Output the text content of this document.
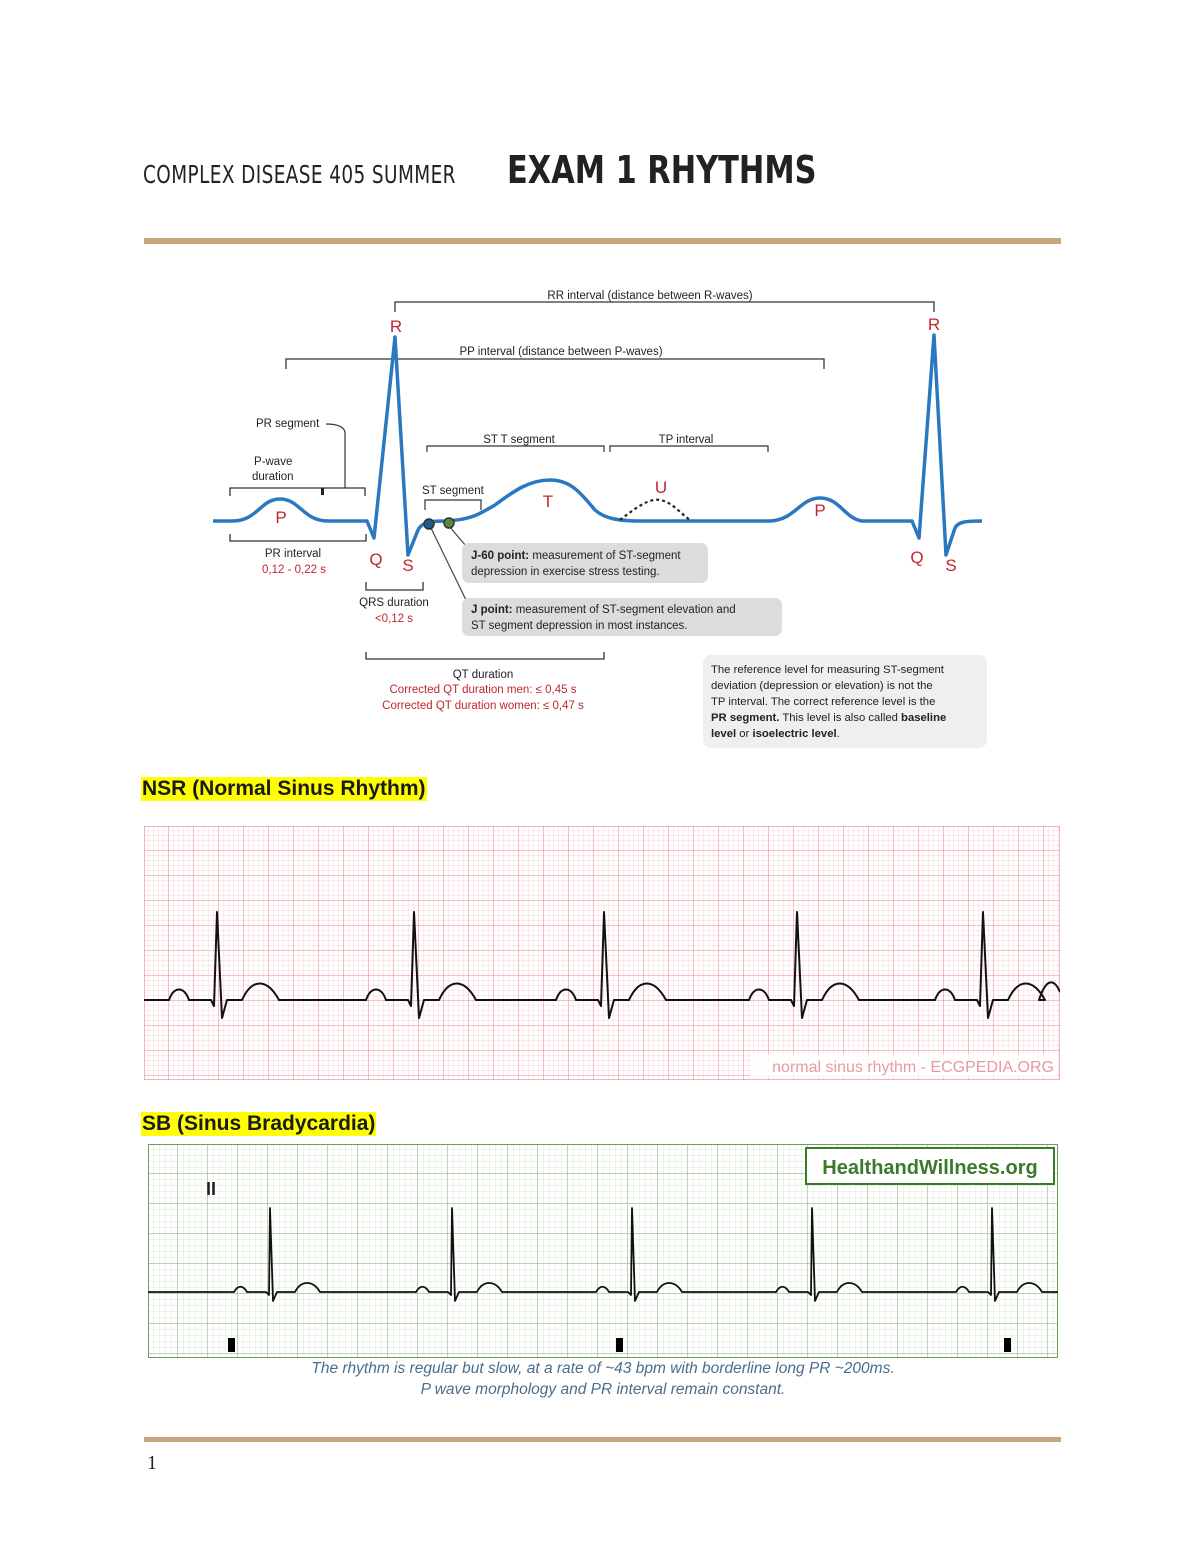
COMPLEX DISEASE 405 SUMMER EXAM 1 RHYTHMS
RR interval (distance between R-waves)
PP interval (distance between P-waves)
PR segment
P-wave
duration
ST T segment	TP interval
ST segment
PR interval
0,12 - 0,22 s
QRS duration
<0,12 s
QT duration
Corrected QT duration men: ≤ 0,45 s
Corrected QT duration women: ≤ 0,47 s
J-60 point: measurement of ST-segment
depression in exercise stress testing.
J point: measurement of ST-segment elevation and
ST segment depression in most instances.
The reference level for measuring ST-segment
deviation (depression or elevation) is not the
TP interval. The correct reference level is the
PR segment. This level is also called baseline
level or isoelectric level.
R	R
P	P
Q S	Q S
T
U
NSR (Normal Sinus Rhythm)
normal sinus rhythm - ECGPEDIA.ORG
SB (Sinus Bradycardia)
II
HealthandWillness.org
The rhythm is regular but slow, at a rate of ~43 bpm with borderline long PR ~200ms.
P wave morphology and PR interval remain constant.
1
